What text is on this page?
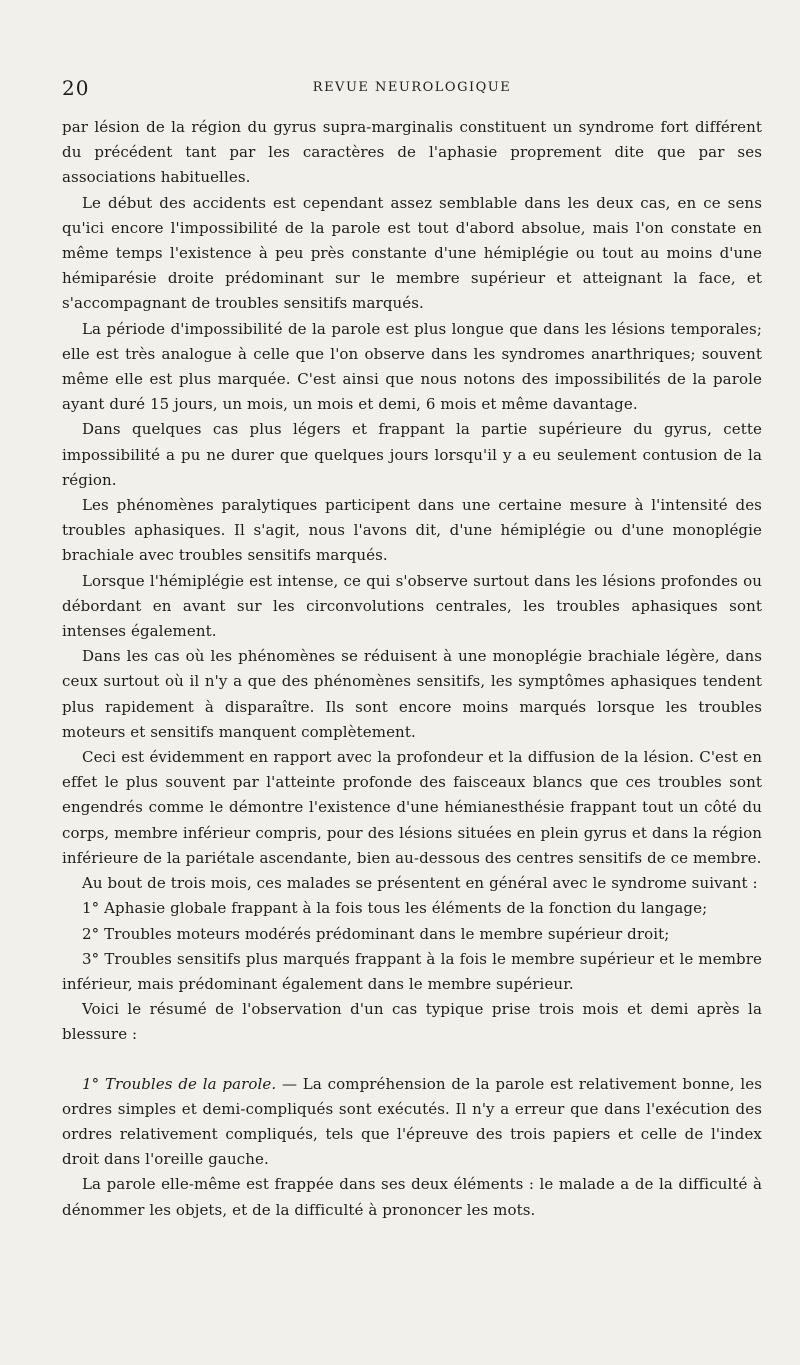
20	REVUE NEUROLOGIQUE

par lésion de la région du gyrus supra-marginalis constituent un syndrome fort différent du précédent tant par les caractères de l'aphasie proprement dite que par ses associations habituelles.

Le début des accidents est cependant assez semblable dans les deux cas, en ce sens qu'ici encore l'impossibilité de la parole est tout d'abord absolue, mais l'on constate en même temps l'existence à peu près constante d'une hémiplégie ou tout au moins d'une hémiparésie droite prédominant sur le membre supérieur et atteignant la face, et s'accompagnant de troubles sensitifs marqués.

La période d'impossibilité de la parole est plus longue que dans les lésions temporales; elle est très analogue à celle que l'on observe dans les syndromes anarthriques; souvent même elle est plus marquée. C'est ainsi que nous notons des impossibilités de la parole ayant duré 15 jours, un mois, un mois et demi, 6 mois et même davantage.

Dans quelques cas plus légers et frappant la partie supérieure du gyrus, cette impossibilité a pu ne durer que quelques jours lorsqu'il y a eu seulement contusion de la région.

Les phénomènes paralytiques participent dans une certaine mesure à l'intensité des troubles aphasiques. Il s'agit, nous l'avons dit, d'une hémiplégie ou d'une monoplégie brachiale avec troubles sensitifs marqués.

Lorsque l'hémiplégie est intense, ce qui s'observe surtout dans les lésions profondes ou débordant en avant sur les circonvolutions centrales, les troubles aphasiques sont intenses également.

Dans les cas où les phénomènes se réduisent à une monoplégie brachiale légère, dans ceux surtout où il n'y a que des phénomènes sensitifs, les symptômes aphasiques tendent plus rapidement à disparaître. Ils sont encore moins marqués lorsque les troubles moteurs et sensitifs manquent complètement.

Ceci est évidemment en rapport avec la profondeur et la diffusion de la lésion. C'est en effet le plus souvent par l'atteinte profonde des faisceaux blancs que ces troubles sont engendrés comme le démontre l'existence d'une hémianesthésie frappant tout un côté du corps, membre inférieur compris, pour des lésions situées en plein gyrus et dans la région inférieure de la pariétale ascendante, bien au-dessous des centres sensitifs de ce membre.

Au bout de trois mois, ces malades se présentent en général avec le syndrome suivant :

1° Aphasie globale frappant à la fois tous les éléments de la fonction du langage;

2° Troubles moteurs modérés prédominant dans le membre supérieur droit;

3° Troubles sensitifs plus marqués frappant à la fois le membre supérieur et le membre inférieur, mais prédominant également dans le membre supérieur.

Voici le résumé de l'observation d'un cas typique prise trois mois et demi après la blessure :

1° Troubles de la parole. — La compréhension de la parole est relativement bonne, les ordres simples et demi-compliqués sont exécutés. Il n'y a erreur que dans l'exécution des ordres relativement compliqués, tels que l'épreuve des trois papiers et celle de l'index droit dans l'oreille gauche.

La parole elle-même est frappée dans ses deux éléments : le malade a de la difficulté à dénommer les objets, et de la difficulté à prononcer les mots.
